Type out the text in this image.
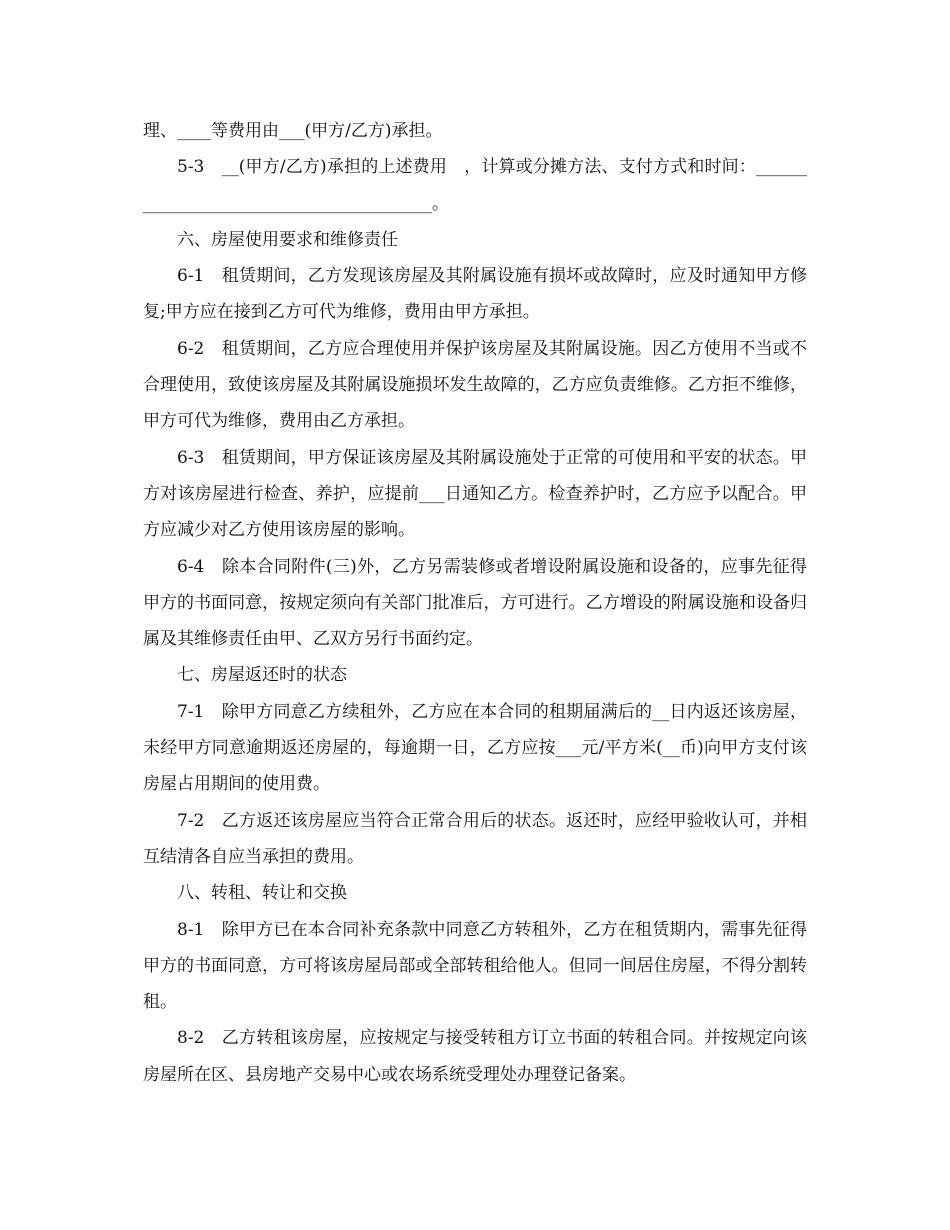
理、____等费用由___(甲方/乙方)承担。

5-3　__(甲方/乙方)承担的上述费用　，计算或分摊方法、支付方式和时间：________________________________________。

六、房屋使用要求和维修责任

6-1　租赁期间，乙方发现该房屋及其附属设施有损坏或故障时，应及时通知甲方修复;甲方应在接到乙方可代为维修，费用由甲方承担。

6-2　租赁期间，乙方应合理使用并保护该房屋及其附属设施。因乙方使用不当或不合理使用，致使该房屋及其附属设施损坏发生故障的，乙方应负责维修。乙方拒不维修，甲方可代为维修，费用由乙方承担。

6-3　租赁期间，甲方保证该房屋及其附属设施处于正常的可使用和平安的状态。甲方对该房屋进行检查、养护，应提前___日通知乙方。检查养护时，乙方应予以配合。甲方应减少对乙方使用该房屋的影响。

6-4　除本合同附件(三)外，乙方另需装修或者增设附属设施和设备的，应事先征得甲方的书面同意，按规定须向有关部门批准后，方可进行。乙方增设的附属设施和设备归属及其维修责任由甲、乙双方另行书面约定。

七、房屋返还时的状态

7-1　除甲方同意乙方续租外，乙方应在本合同的租期届满后的__日内返还该房屋，未经甲方同意逾期返还房屋的，每逾期一日，乙方应按___元/平方米(__币)向甲方支付该房屋占用期间的使用费。

7-2　乙方返还该房屋应当符合正常合用后的状态。返还时，应经甲验收认可，并相互结清各自应当承担的费用。

八、转租、转让和交换

8-1　除甲方已在本合同补充条款中同意乙方转租外，乙方在租赁期内，需事先征得甲方的书面同意，方可将该房屋局部或全部转租给他人。但同一间居住房屋，不得分割转租。

8-2　乙方转租该房屋，应按规定与接受转租方订立书面的转租合同。并按规定向该房屋所在区、县房地产交易中心或农场系统受理处办理登记备案。
